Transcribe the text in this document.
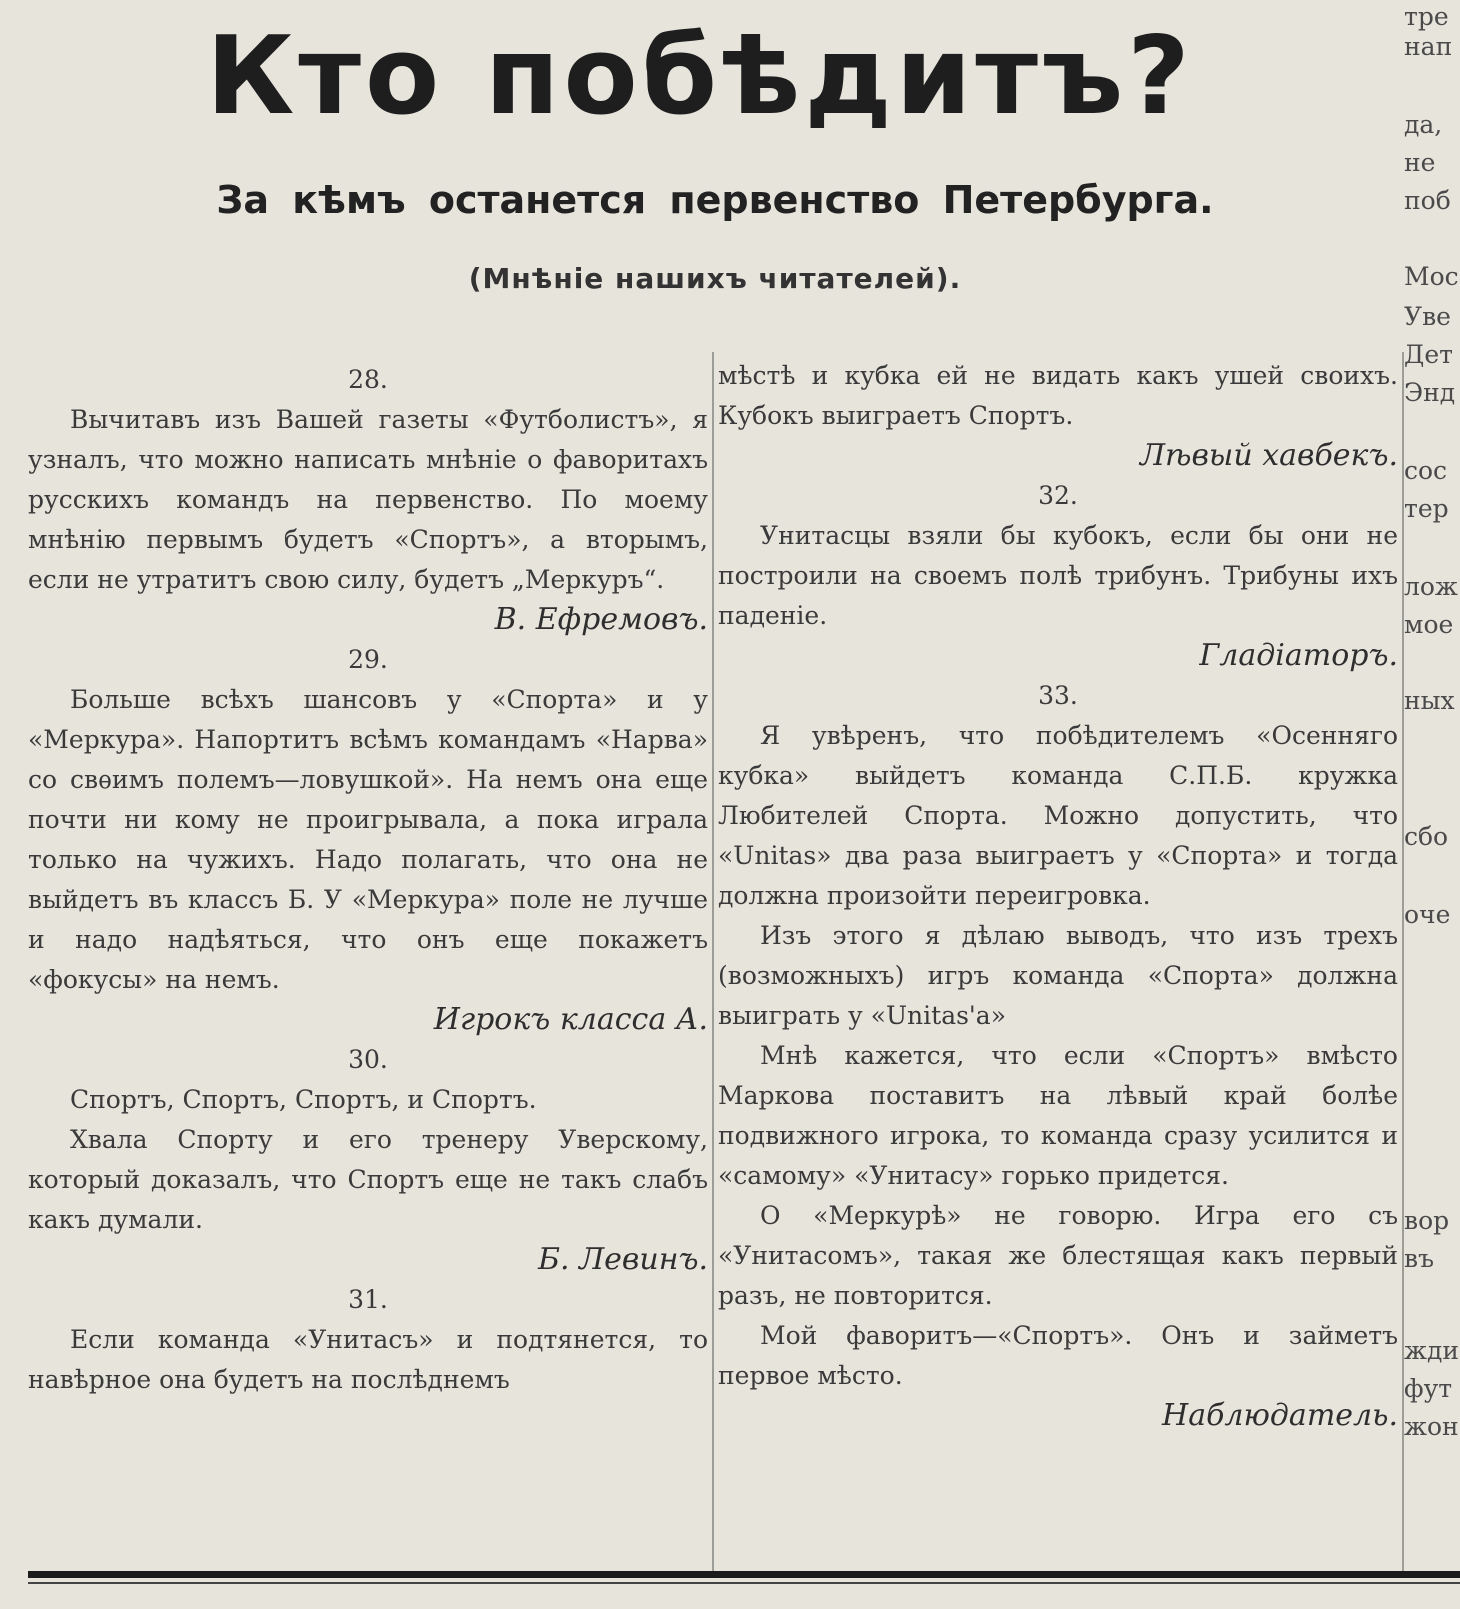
Кто побѣдитъ?
За кѣмъ останется первенство Петербурга.
(Мнѣніе нашихъ читателей).
28.

Вычитавъ изъ Вашей газеты «Футболистъ», я узналъ, что можно написать мнѣніе о фаворитахъ русскихъ командъ на первенство. По моему мнѣнію первымъ будетъ «Спортъ», а вторымъ, если не утратитъ свою силу, будетъ „Меркуръ“.

В. Ефремовъ.
29.

Больше всѣхъ шансовъ у «Спорта» и у «Меркура». Напортитъ всѣмъ командамъ «Нарва» со свѳимъ полемъ—ловушкой». На немъ она еще почти ни кому не проигрывала, а пока играла только на чужихъ. Надо полагать, что она не выйдетъ въ классъ Б. У «Меркура» поле не лучше и надо надѣяться, что онъ еще покажетъ «фокусы» на немъ.

Игрокъ класса А.
30.

Спортъ, Спортъ, Спортъ, и Спортъ.

Хвала Спорту и его тренеру Уверскому, который доказалъ, что Спортъ еще не такъ слабъ какъ думали.

Б. Левинъ.
31.

Если команда «Унитасъ» и подтянется, то навѣрное она будетъ на послѣднемъ

мѣстѣ и кубка ей не видать какъ ушей своихъ. Кубокъ выиграетъ Спортъ.

Лѣвый хавбекъ.
32.

Унитасцы взяли бы кубокъ, если бы они не построили на своемъ полѣ трибунъ. Трибуны ихъ паденіе.

Гладіаторъ.
33.

Я увѣренъ, что побѣдителемъ «Осенняго кубка» выйдетъ команда С.П.Б. кружка Любителей Спорта. Можно допустить, что «Unitas» два раза выиграетъ у «Спорта» и тогда должна произойти переигровка.

Изъ этого я дѣлаю выводъ, что изъ трехъ (возможныхъ) игръ команда «Спорта» должна выиграть у «Unitas'a»

Мнѣ кажется, что если «Спортъ» вмѣсто Маркова поставитъ на лѣвый край болѣе подвижного игрока, то команда сразу усилится и «самому» «Унитасу» горько придется.

О «Меркурѣ» не говорю. Игра его съ «Унитасомъ», такая же блестящая какъ первый разъ, не повторится.

Мой фаворитъ—«Спортъ». Онъ и займетъ первое мѣсто.

Наблюдатель.
тре
нап
да,
не
поб
Мос
Уве
Дет
Энд
сос
тер
лож
мое
ных
сбо
оче
вор
въ
жди
фут
жон
